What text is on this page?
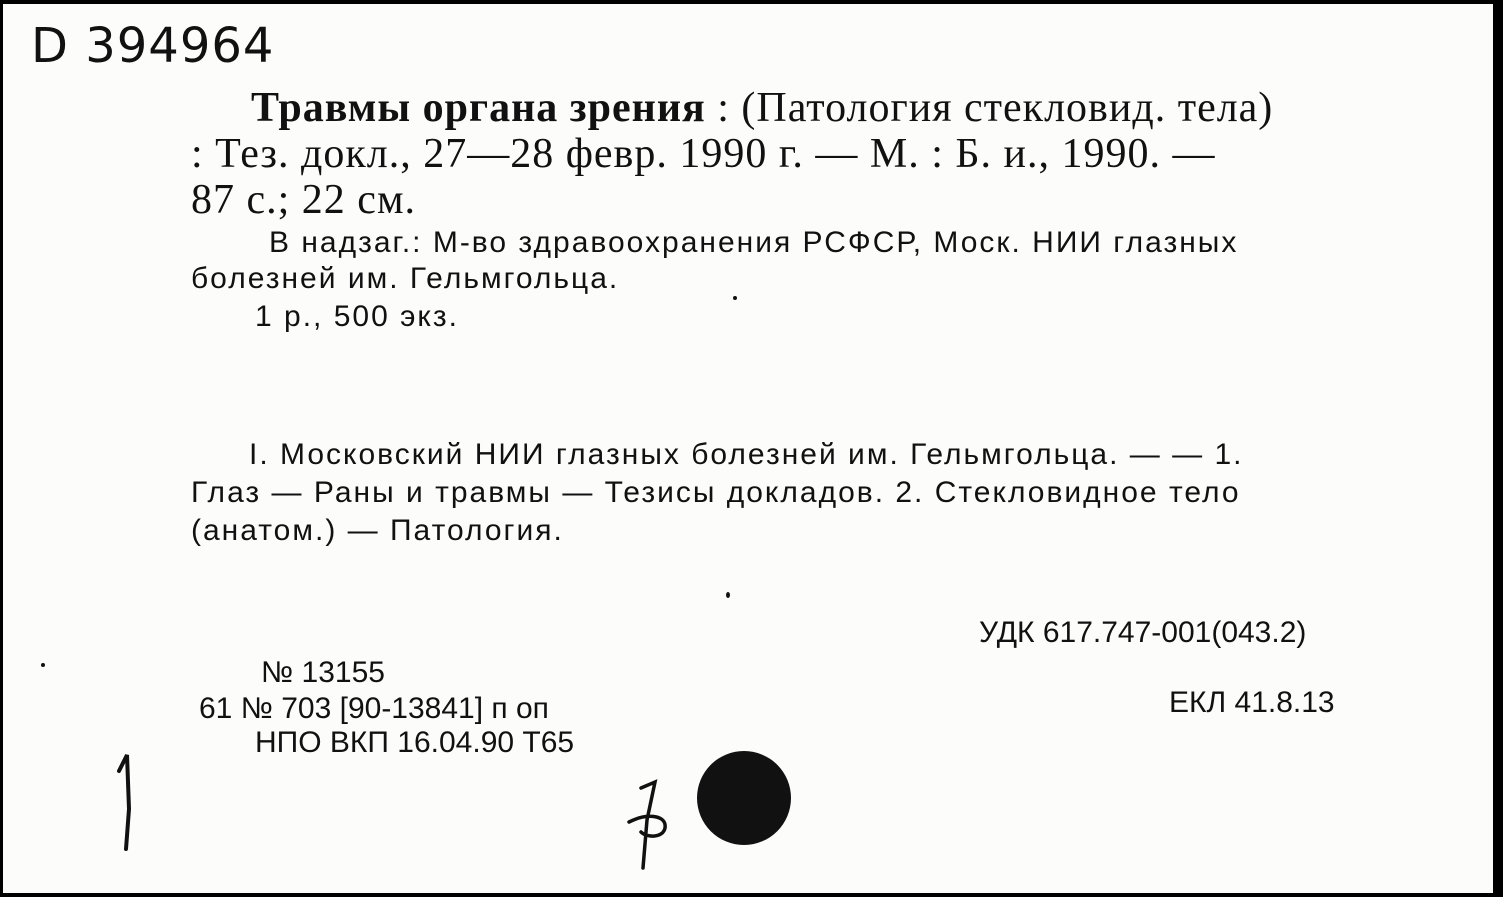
D 394964
Травмы органа зрения : (Патология стекловид. тела)
: Тез. докл., 27—28 февр. 1990 г. — М. : Б. и., 1990. —
87 с.; 22 см.
В надзаг.: М-во здравоохранения РСФСР, Моск. НИИ глазных
болезней им. Гельмгольца.
1 р., 500 экз.
I. Московский НИИ глазных болезней им. Гельмгольца. — — 1.
Глаз — Раны и травмы — Тезисы докладов. 2. Стекловидное тело
(анатом.) — Патология.
УДК 617.747-001(043.2)
ЕКЛ 41.8.13
№ 13155
61 № 703 [90-13841] п оп
НПО ВКП 16.04.90 Т65
